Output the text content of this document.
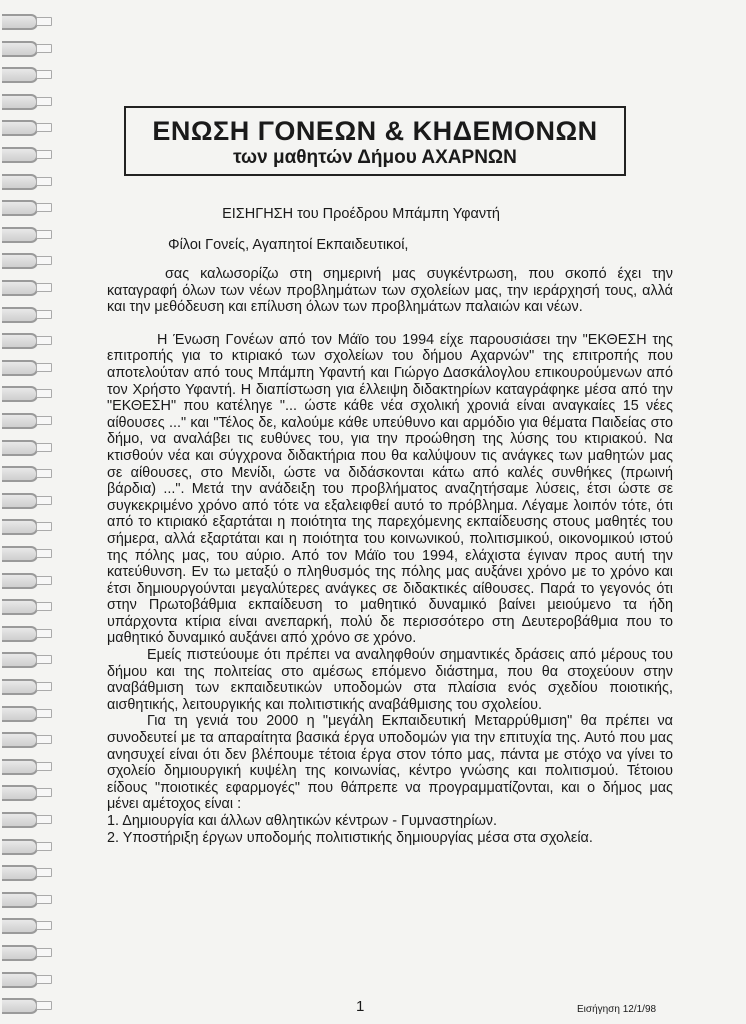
ΕΝΩΣΗ ΓΟΝΕΩΝ & ΚΗΔΕΜΟΝΩΝ
των μαθητών Δήμου ΑΧΑΡΝΩΝ
ΕΙΣΗΓΗΣΗ του Προέδρου Μπάμπη Υφαντή
Φίλοι Γονείς, Αγαπητοί Εκπαιδευτικοί,

σας καλωσορίζω στη σημερινή μας συγκέντρωση, που σκοπό έχει την καταγραφή όλων των νέων προβλημάτων των σχολείων μας, την ιεράρχησή τους, αλλά και την μεθόδευση και επίλυση όλων των προβλημάτων παλαιών και νέων.

Η Ένωση Γονέων από τον Μάϊο του 1994 είχε παρουσιάσει την "ΕΚΘΕΣΗ της επιτροπής για το κτιριακό των σχολείων του δήμου Αχαρνών" της επιτροπής που αποτελούταν από τους Μπάμπη Υφαντή και Γιώργο Δασκάλογλου επικουρούμενων από τον Χρήστο Υφαντή. Η διαπίστωση για έλλειψη διδακτηρίων καταγράφηκε μέσα από την "ΕΚΘΕΣΗ" που κατέληγε "... ώστε κάθε νέα σχολική χρονιά είναι αναγκαίες 15 νέες αίθουσες ..." και "Τέλος δε, καλούμε κάθε υπεύθυνο και αρμόδιο για θέματα Παιδείας στο δήμο, να αναλάβει τις ευθύνες του, για την προώθηση της λύσης του κτιριακού. Να κτισθούν νέα και σύγχρονα διδακτήρια που θα καλύψουν τις ανάγκες των μαθητών μας σε αίθουσες, στο Μενίδι, ώστε να διδάσκονται κάτω από καλές συνθήκες (πρωινή βάρδια) ...". Μετά την ανάδειξη του προβλήματος αναζητήσαμε λύσεις, έτσι ώστε σε συγκεκριμένο χρόνο από τότε να εξαλειφθεί αυτό το πρόβλημα. Λέγαμε λοιπόν τότε, ότι από το κτιριακό εξαρτάται η ποιότητα της παρεχόμενης εκπαίδευσης στους μαθητές του σήμερα, αλλά εξαρτάται και η ποιότητα του κοινωνικού, πολιτισμικού, οικονομικού ιστού της πόλης μας, του αύριο. Από τον Μάϊο του 1994, ελάχιστα έγιναν προς αυτή την κατεύθυνση. Εν τω μεταξύ ο πληθυσμός της πόλης μας αυξάνει χρόνο με το χρόνο και έτσι δημιουργούνται μεγαλύτερες ανάγκες σε διδακτικές αίθουσες. Παρά το γεγονός ότι στην Πρωτοβάθμια εκπαίδευση το μαθητικό δυναμικό βαίνει μειούμενο τα ήδη υπάρχοντα κτίρια είναι ανεπαρκή, πολύ δε περισσότερο στη Δευτεροβάθμια που το μαθητικό δυναμικό αυξάνει από χρόνο σε χρόνο.

Εμείς πιστεύουμε ότι πρέπει να αναληφθούν σημαντικές δράσεις από μέρους του δήμου και της πολιτείας στο αμέσως επόμενο διάστημα, που θα στοχεύουν στην αναβάθμιση των εκπαιδευτικών υποδομών στα πλαίσια ενός σχεδίου ποιοτικής, αισθητικής, λειτουργικής και πολιτιστικής αναβάθμισης του σχολείου.

Για τη γενιά του 2000 η "μεγάλη Εκπαιδευτική Μεταρρύθμιση" θα πρέπει να συνοδευτεί με τα απαραίτητα βασικά έργα υποδομών για την επιτυχία της. Αυτό που μας ανησυχεί είναι ότι δεν βλέπουμε τέτοια έργα στον τόπο μας, πάντα με στόχο να γίνει το σχολείο δημιουργική κυψέλη της κοινωνίας, κέντρο γνώσης και πολιτισμού. Τέτοιου είδους "ποιοτικές εφαρμογές" που θάπρεπε να προγραμματίζονται, και ο δήμος μας μένει αμέτοχος είναι :

1. Δημιουργία και άλλων αθλητικών κέντρων - Γυμναστηρίων.
2. Υποστήριξη έργων υποδομής πολιτιστικής δημιουργίας μέσα στα σχολεία.
1	Εισήγηση 12/1/98
